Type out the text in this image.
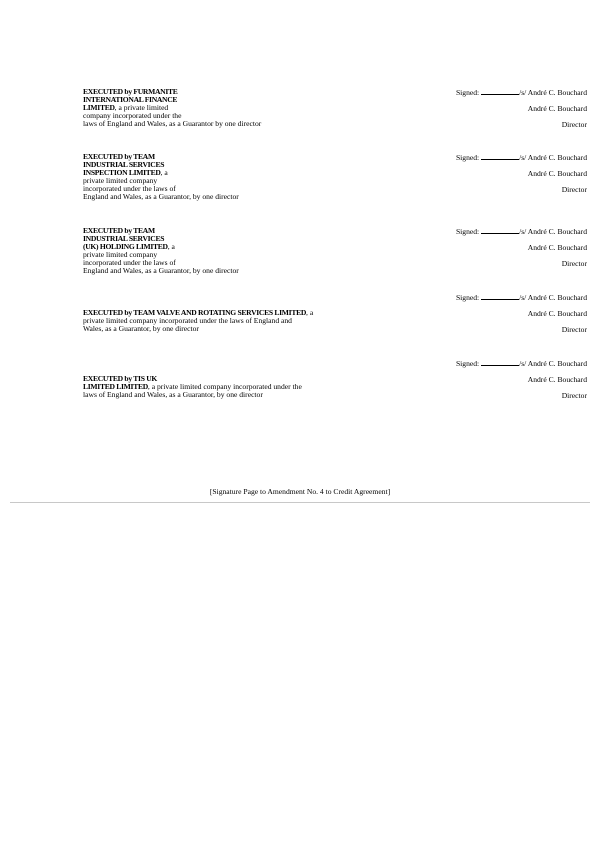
EXECUTED by FURMANITE
INTERNATIONAL FINANCE
LIMITED, a private limited
company incorporated under the
laws of England and Wales, as a Guarantor by one director
Signed:	/s/ André C. Bouchard
André C. Bouchard
Director
EXECUTED by TEAM
INDUSTRIAL SERVICES
INSPECTION LIMITED, a
private limited company
incorporated under the laws of
England and Wales, as a Guarantor, by one director
Signed:	/s/ André C. Bouchard
André C. Bouchard
Director
EXECUTED by TEAM
INDUSTRIAL SERVICES
(UK) HOLDING LIMITED, a
private limited company
incorporated under the laws of
England and Wales, as a Guarantor, by one director
Signed:	/s/ André C. Bouchard
André C. Bouchard
Director
EXECUTED by TEAM VALVE AND ROTATING SERVICES LIMITED, a
private limited company incorporated under the laws of England and
Wales, as a Guarantor, by one director
Signed:	/s/ André C. Bouchard
André C. Bouchard
Director
EXECUTED by TIS UK
LIMITED LIMITED, a private limited company incorporated under the
laws of England and Wales, as a Guarantor, by one director
Signed:	/s/ André C. Bouchard
André C. Bouchard
Director
[Signature Page to Amendment No. 4 to Credit Agreement]
